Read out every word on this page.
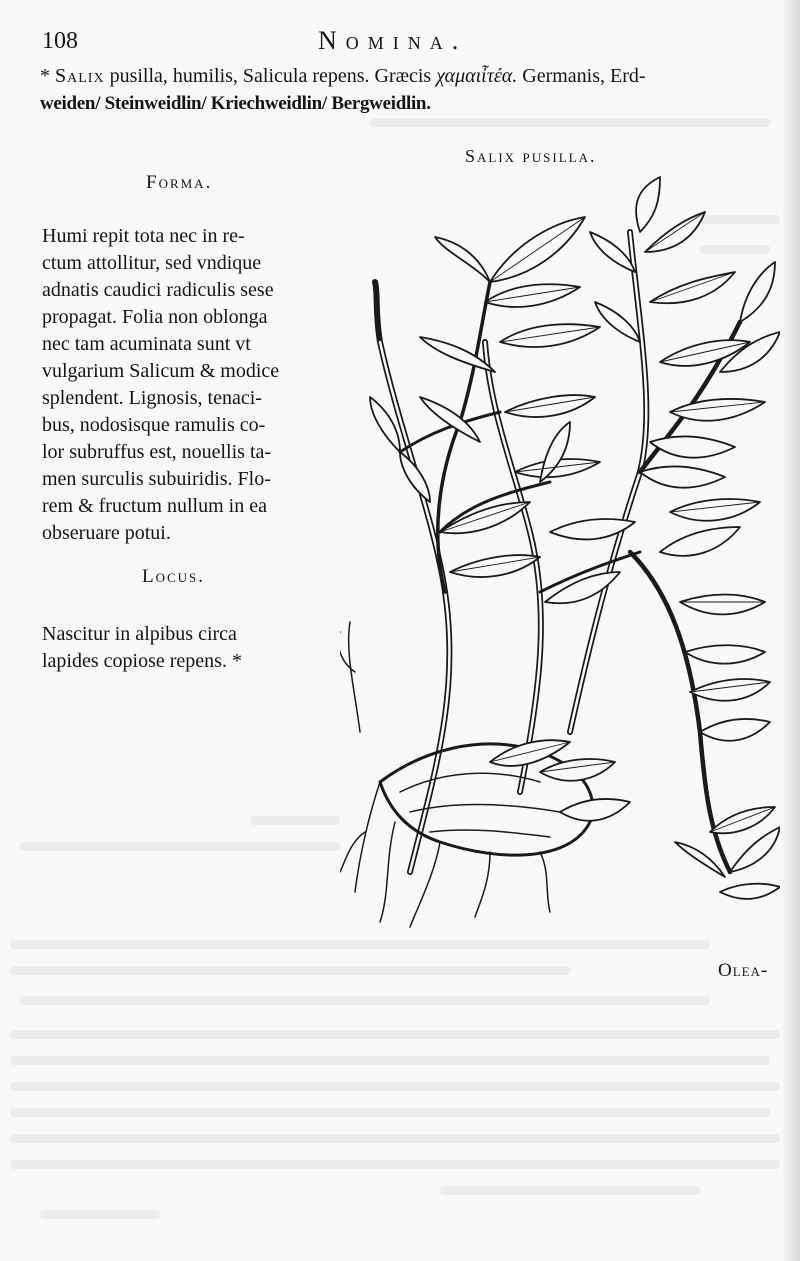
108	Nomina.
* Salix pusilla, humilis, Salicula repens. Græcis χαμαιἶτέα. Germanis, Erd-
weiden/ Steinweidlin/ Kriechweidlin/ Bergweidlin.
Salix pusilla.
Forma.
Humi repit tota nec in re-
ctum attollitur, sed vndique
adnatis caudici radiculis sese
propagat. Folia non oblonga
nec tam acuminata sunt vt
vulgarium Salicum & modice
splendent. Lignosis, tenaci-
bus, nodosisque ramulis co-
lor subruffus est, nouellis ta-
men surculis subuiridis. Flo-
rem & fructum nullum in ea
obseruare potui.
Locus.
Nascitur in alpibus circa
lapides copiose repens. *
Olea-
